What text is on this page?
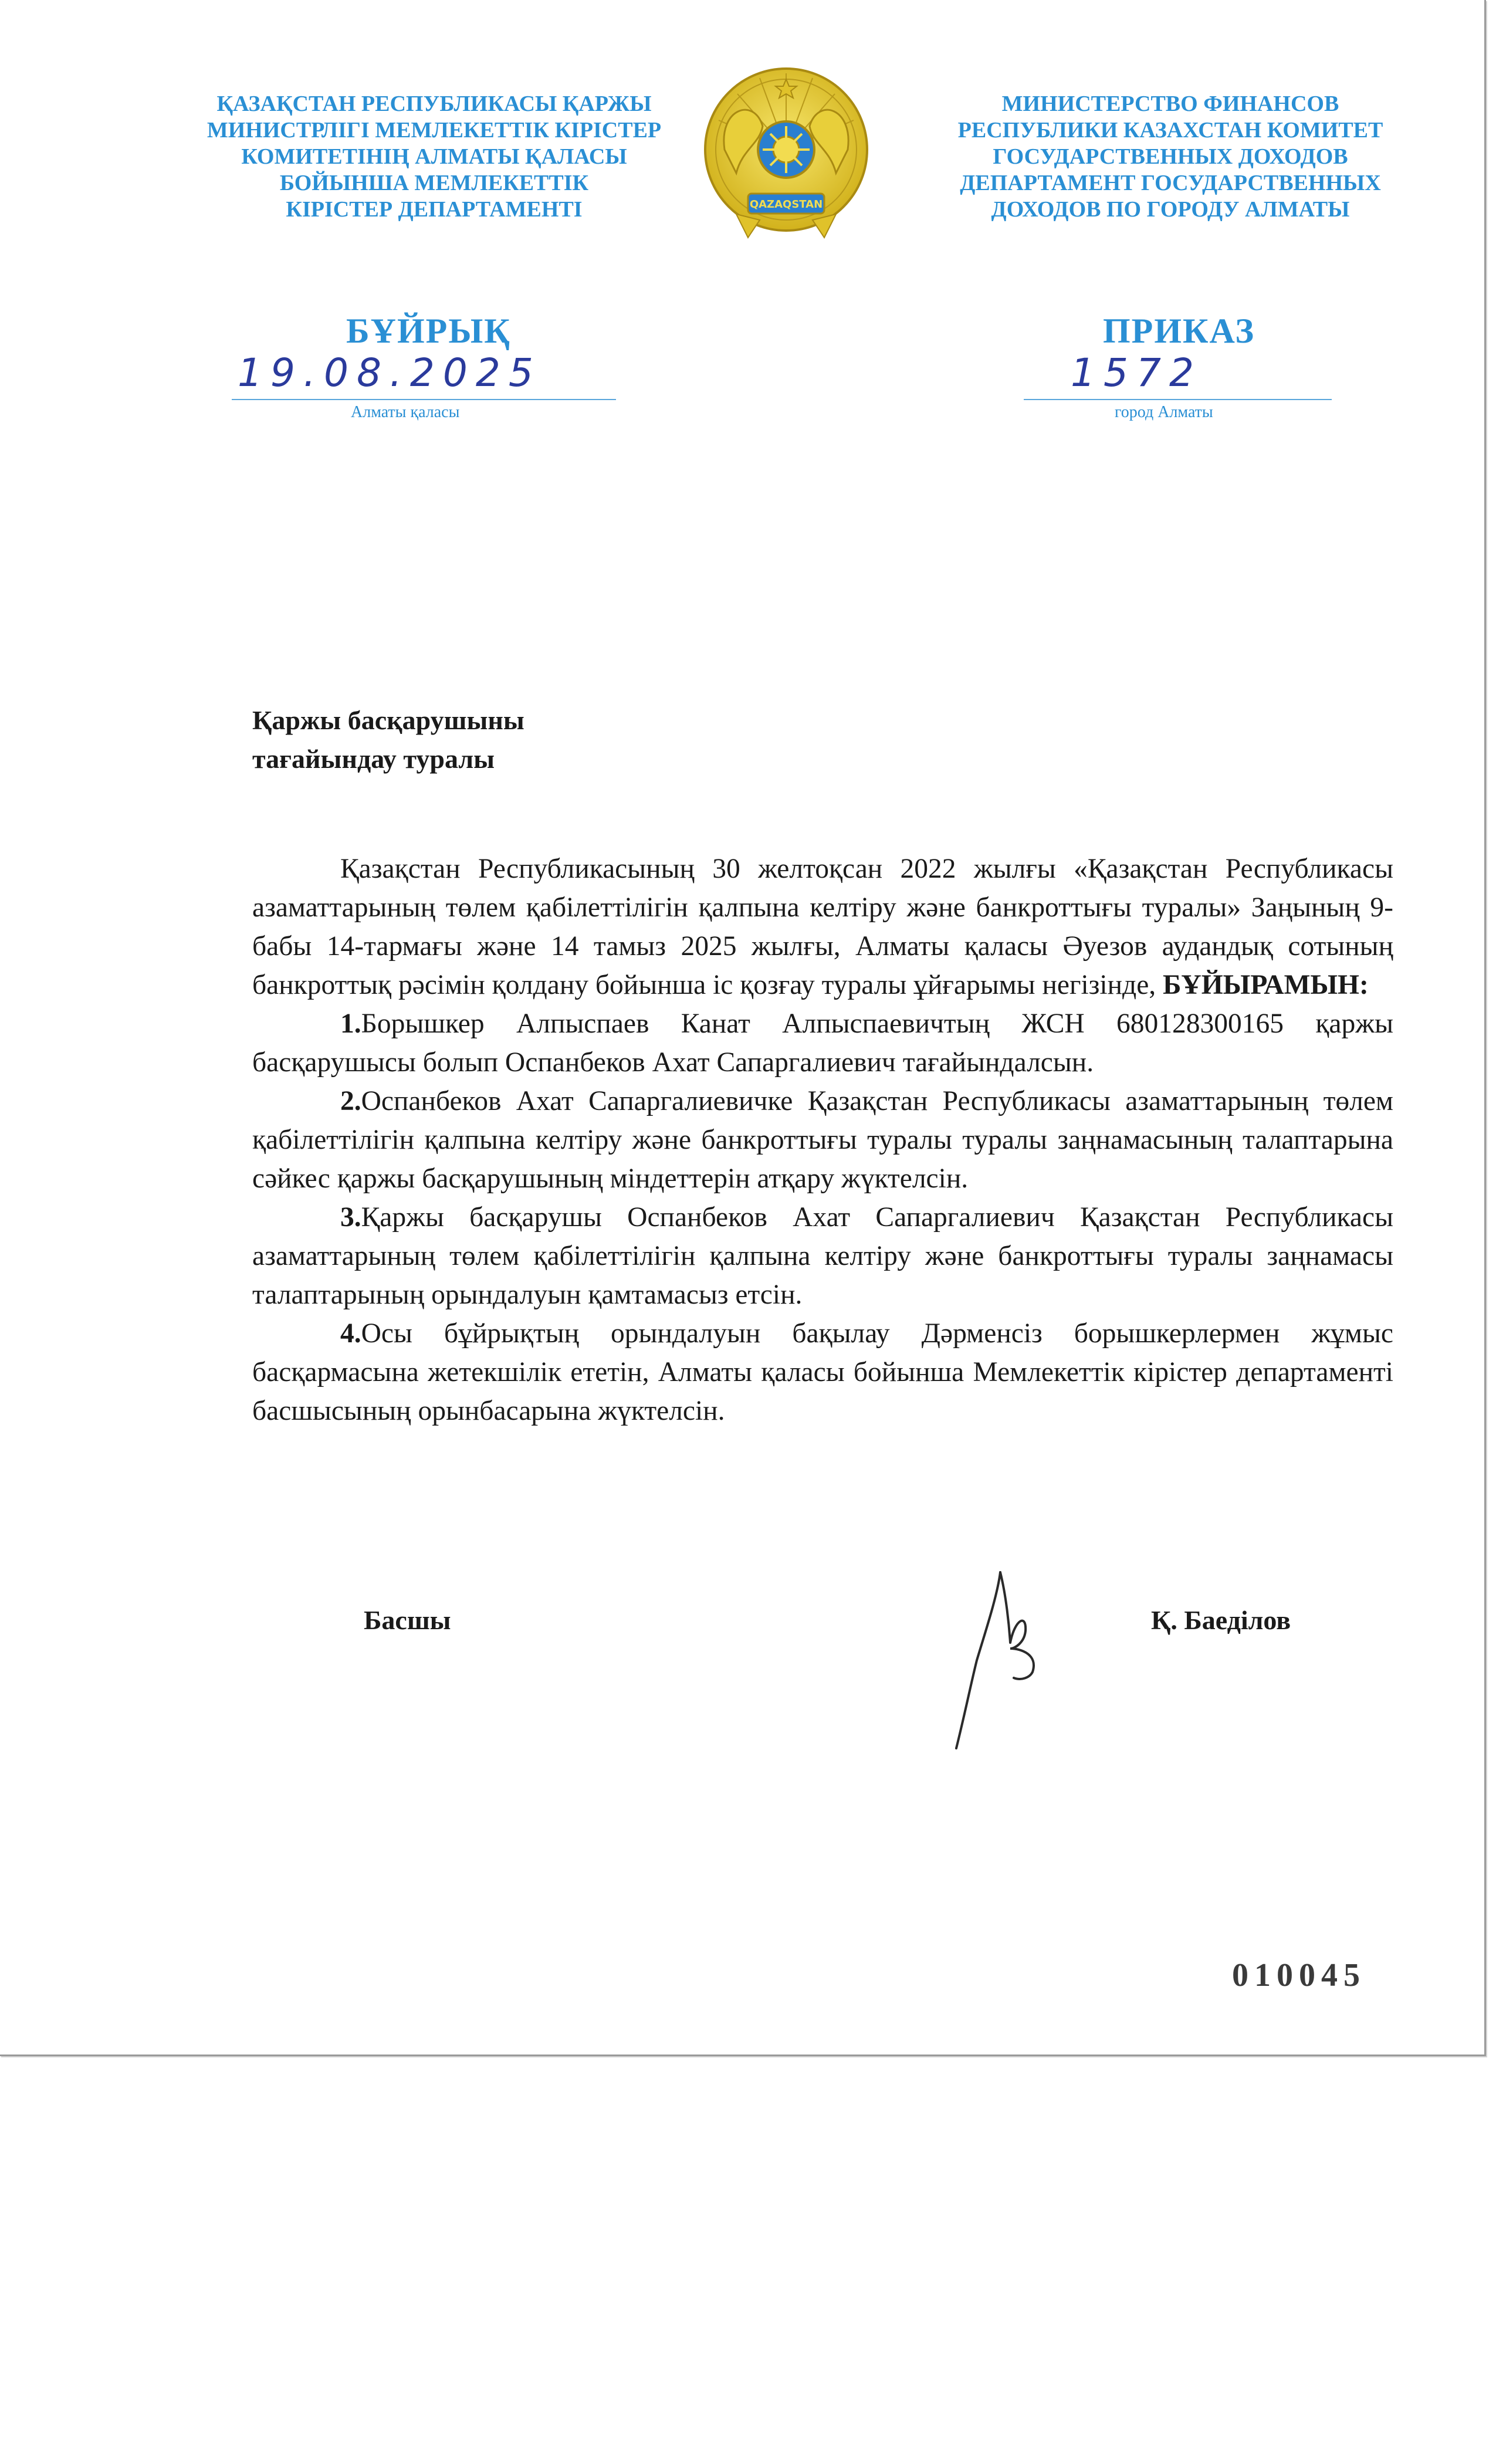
ҚАЗАҚСТАН РЕСПУБЛИКАСЫ ҚАРЖЫ
МИНИСТРЛІГІ МЕМЛЕКЕТТІК КІРІСТЕР
КОМИТЕТІНІҢ АЛМАТЫ ҚАЛАСЫ
БОЙЫНША МЕМЛЕКЕТТІК
КІРІСТЕР ДЕПАРТАМЕНТІ	QAZAQSTAN
МИНИСТЕРСТВО ФИНАНСОВ
РЕСПУБЛИКИ КАЗАХСТАН КОМИТЕТ
ГОСУДАРСТВЕННЫХ ДОХОДОВ
ДЕПАРТАМЕНТ ГОСУДАРСТВЕННЫХ
ДОХОДОВ ПО ГОРОДУ АЛМАТЫ
БҰЙРЫҚ	ПРИКАЗ
19.08.2025	1572
Алматы қаласы	город Алматы
Қаржы басқарушыны
тағайындау туралы

Қазақстан Республикасының 30 желтоқсан 2022 жылғы «Қазақстан Республикасы азаматтарының төлем қабілеттілігін қалпына келтіру және банкроттығы туралы» Заңының 9-бабы 14-тармағы және 14 тамыз 2025 жылғы, Алматы қаласы Әуезов аудандық сотының банкроттық рәсімін қолдану бойынша іс қозғау туралы ұйғарымы негізінде, БҰЙЫРАМЫН:

1.Борышкер Алпыспаев Канат Алпыспаевичтың ЖСН 680128300165 қаржы басқарушысы болып Оспанбеков Ахат Сапаргалиевич тағайындалсын.

2.Оспанбеков Ахат Сапаргалиевичке Қазақстан Республикасы азаматтарының төлем қабілеттілігін қалпына келтіру және банкроттығы туралы туралы заңнамасының талаптарына сәйкес қаржы басқарушының міндеттерін атқару жүктелсін.

3.Қаржы басқарушы Оспанбеков Ахат Сапаргалиевич Қазақстан Республикасы азаматтарының төлем қабілеттілігін қалпына келтіру және банкроттығы туралы заңнамасы талаптарының орындалуын қамтамасыз етсін.

4.Осы бұйрықтың орындалуын бақылау Дәрменсіз борышкерлермен жұмыс басқармасына жетекшілік ететін, Алматы қаласы бойынша Мемлекеттік кірістер департаменті басшысының орынбасарына жүктелсін.

Басшы	Қ. Баеділов
010045
